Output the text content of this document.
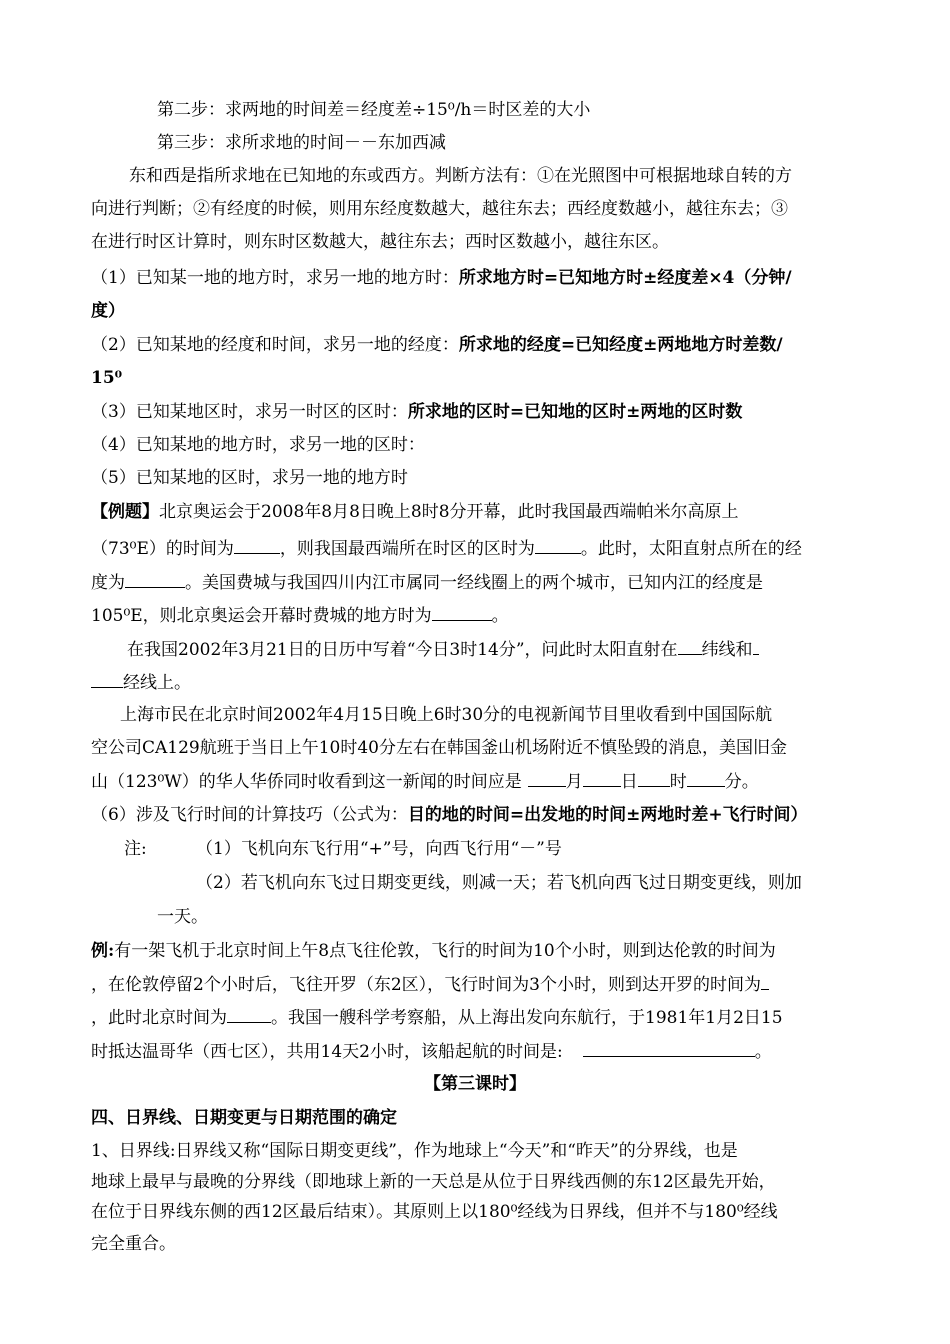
第二步：求两地的时间差＝经度差÷15⁰/h＝时区差的大小
第三步：求所求地的时间－－东加西减
东和西是指所求地在已知地的东或西方。判断方法有：①在光照图中可根据地球自转的方
向进行判断；②有经度的时候，则用东经度数越大，越往东去；西经度数越小，越往东去；③
在进行时区计算时，则东时区数越大，越往东去；西时区数越小，越往东区。
（1）已知某一地的地方时，求另一地的地方时：所求地方时=已知地方时±经度差×4（分钟/
度）
（2）已知某地的经度和时间，求另一地的经度：所求地的经度=已知经度±两地地方时差数/
15⁰
（3）已知某地区时，求另一时区的区时：所求地的区时=已知地的区时±两地的区时数
（4）已知某地的地方时，求另一地的区时：
（5）已知某地的区时，求另一地的地方时
【例题】北京奥运会于2008年8月8日晚上8时8分开幕，此时我国最西端帕米尔高原上
（73⁰E）的时间为	，则我国最西端所在时区的区时为	。此时，太阳直射点所在的经
度为	。美国费城与我国四川内江市属同一经线圈上的两个城市，已知内江的经度是
105⁰E，则北京奥运会开幕时费城的地方时为	。
在我国2002年3月21日的日历中写着“今日3时14分”，问此时太阳直射在 纬线和
经线上。
上海市民在北京时间2002年4月15日晚上6时30分的电视新闻节目里收看到中国国际航
空公司CA129航班于当日上午10时40分左右在韩国釜山机场附近不慎坠毁的消息，美国旧金
山（123⁰W）的华人华侨同时收看到这一新闻的时间应是	月 日 时 分。
（6）涉及飞行时间的计算技巧（公式为：目的地的时间=出发地的时间±两地时差+飞行时间）
注:	（1）飞机向东飞行用“+”号，向西飞行用“－”号
（2）若飞机向东飞过日期变更线，则减一天；若飞机向西飞过日期变更线，则加
一天。
例:有一架飞机于北京时间上午8点飞往伦敦，飞行的时间为10个小时，则到达伦敦的时间为
，在伦敦停留2个小时后，飞往开罗（东2区），飞行时间为3个小时，则到达开罗的时间为
，此时北京时间为	。我国一艘科学考察船，从上海出发向东航行，于1981年1月2日15
时抵达温哥华（西七区），共用14天2小时，该船起航的时间是:	。
【第三课时】
四、日界线、日期变更与日期范围的确定
1、日界线:日界线又称“国际日期变更线”，作为地球上“今天”和“昨天”的分界线，也是
地球上最早与最晚的分界线（即地球上新的一天总是从位于日界线西侧的东12区最先开始，
在位于日界线东侧的西12区最后结束）。其原则上以180⁰经线为日界线，但并不与180⁰经线
完全重合。
